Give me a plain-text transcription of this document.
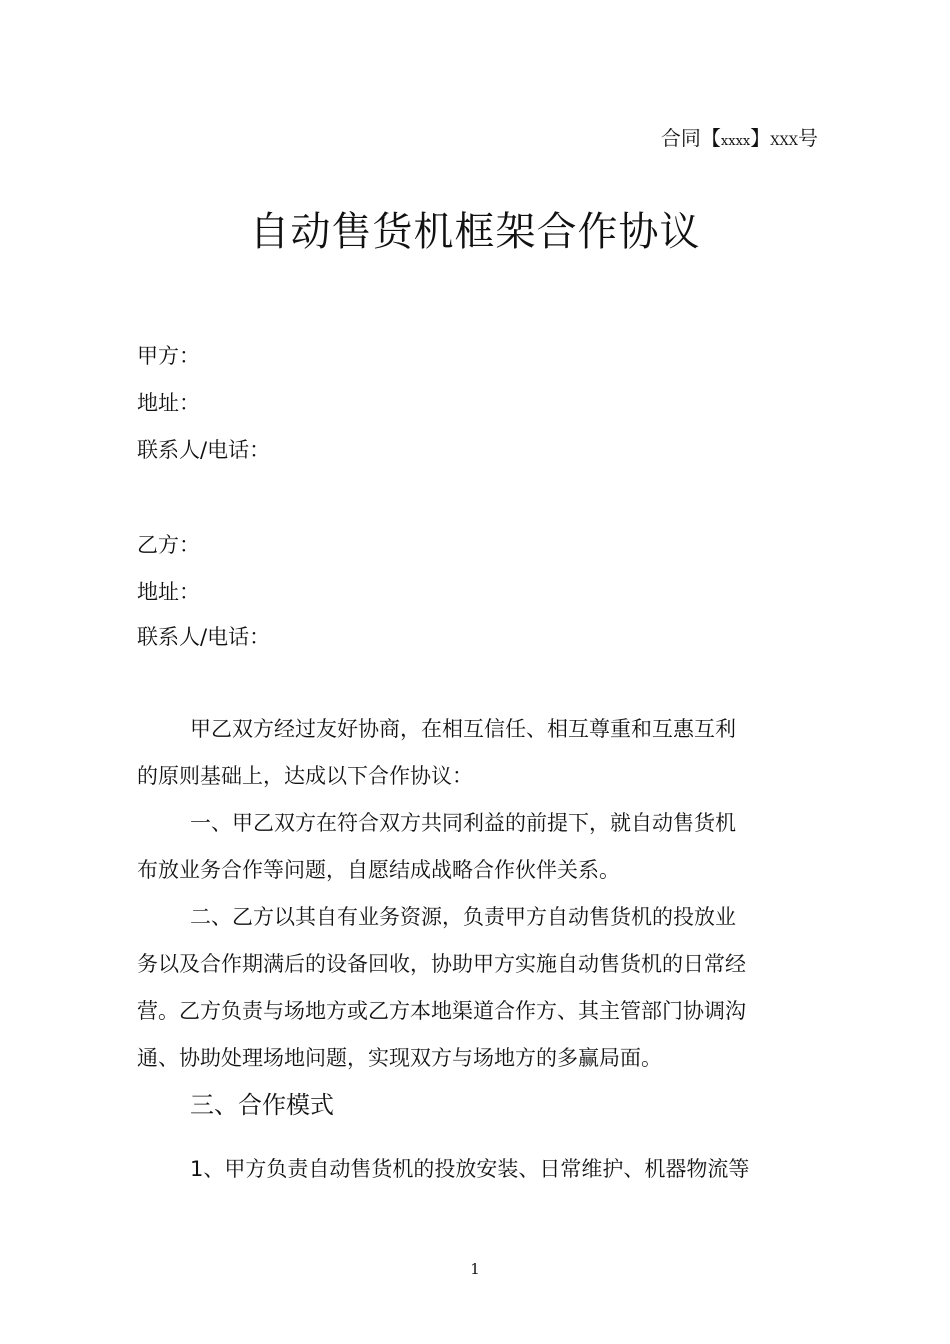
合同【xxxx】XXX号
自动售货机框架合作协议
甲方：
地址：
联系人/电话：
乙方：
地址：
联系人/电话：
甲乙双方经过友好协商，在相互信任、相互尊重和互惠互利
的原则基础上，达成以下合作协议：
一、甲乙双方在符合双方共同利益的前提下，就自动售货机
布放业务合作等问题，自愿结成战略合作伙伴关系。
二、乙方以其自有业务资源，负责甲方自动售货机的投放业
务以及合作期满后的设备回收，协助甲方实施自动售货机的日常经
营。乙方负责与场地方或乙方本地渠道合作方、其主管部门协调沟
通、协助处理场地问题，实现双方与场地方的多赢局面。
三、合作模式
1、甲方负责自动售货机的投放安装、日常维护、机器物流等
1
